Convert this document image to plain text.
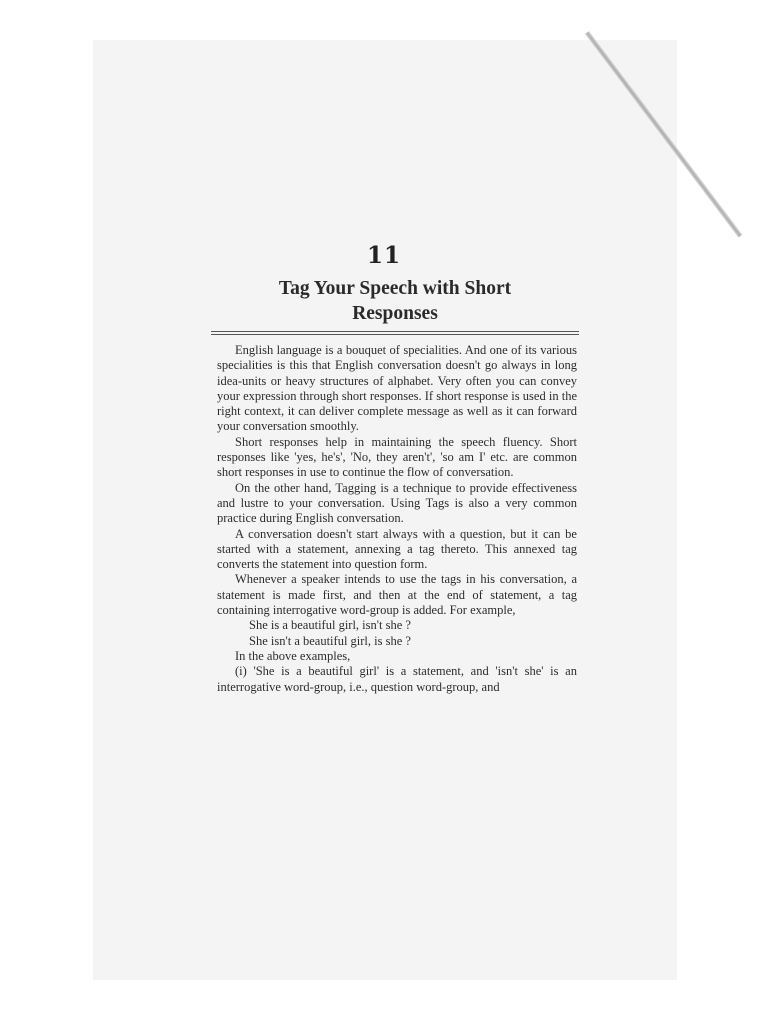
11
Tag Your Speech with Short
Responses

English language is a bouquet of specialities. And one of its various specialities is this that English conversation doesn't go always in long idea-units or heavy structures of alphabet. Very often you can convey your expression through short responses. If short response is used in the right context, it can deliver complete message as well as it can forward your conversation smoothly.

Short responses help in maintaining the speech fluency. Short responses like 'yes, he's', 'No, they aren't', 'so am I' etc. are common short responses in use to continue the flow of conversation.

On the other hand, Tagging is a technique to provide effectiveness and lustre to your conversation. Using Tags is also a very common practice during English conversation.

A conversation doesn't start always with a question, but it can be started with a statement, annexing a tag thereto. This annexed tag converts the statement into question form.

Whenever a speaker intends to use the tags in his conversation, a statement is made first, and then at the end of statement, a tag containing interrogative word-group is added. For example,

She is a beautiful girl, isn't she ?

She isn't a beautiful girl, is she ?

In the above examples,

(i) 'She is a beautiful girl' is a statement, and 'isn't she' is an interrogative word-group, i.e., question word-group, and
